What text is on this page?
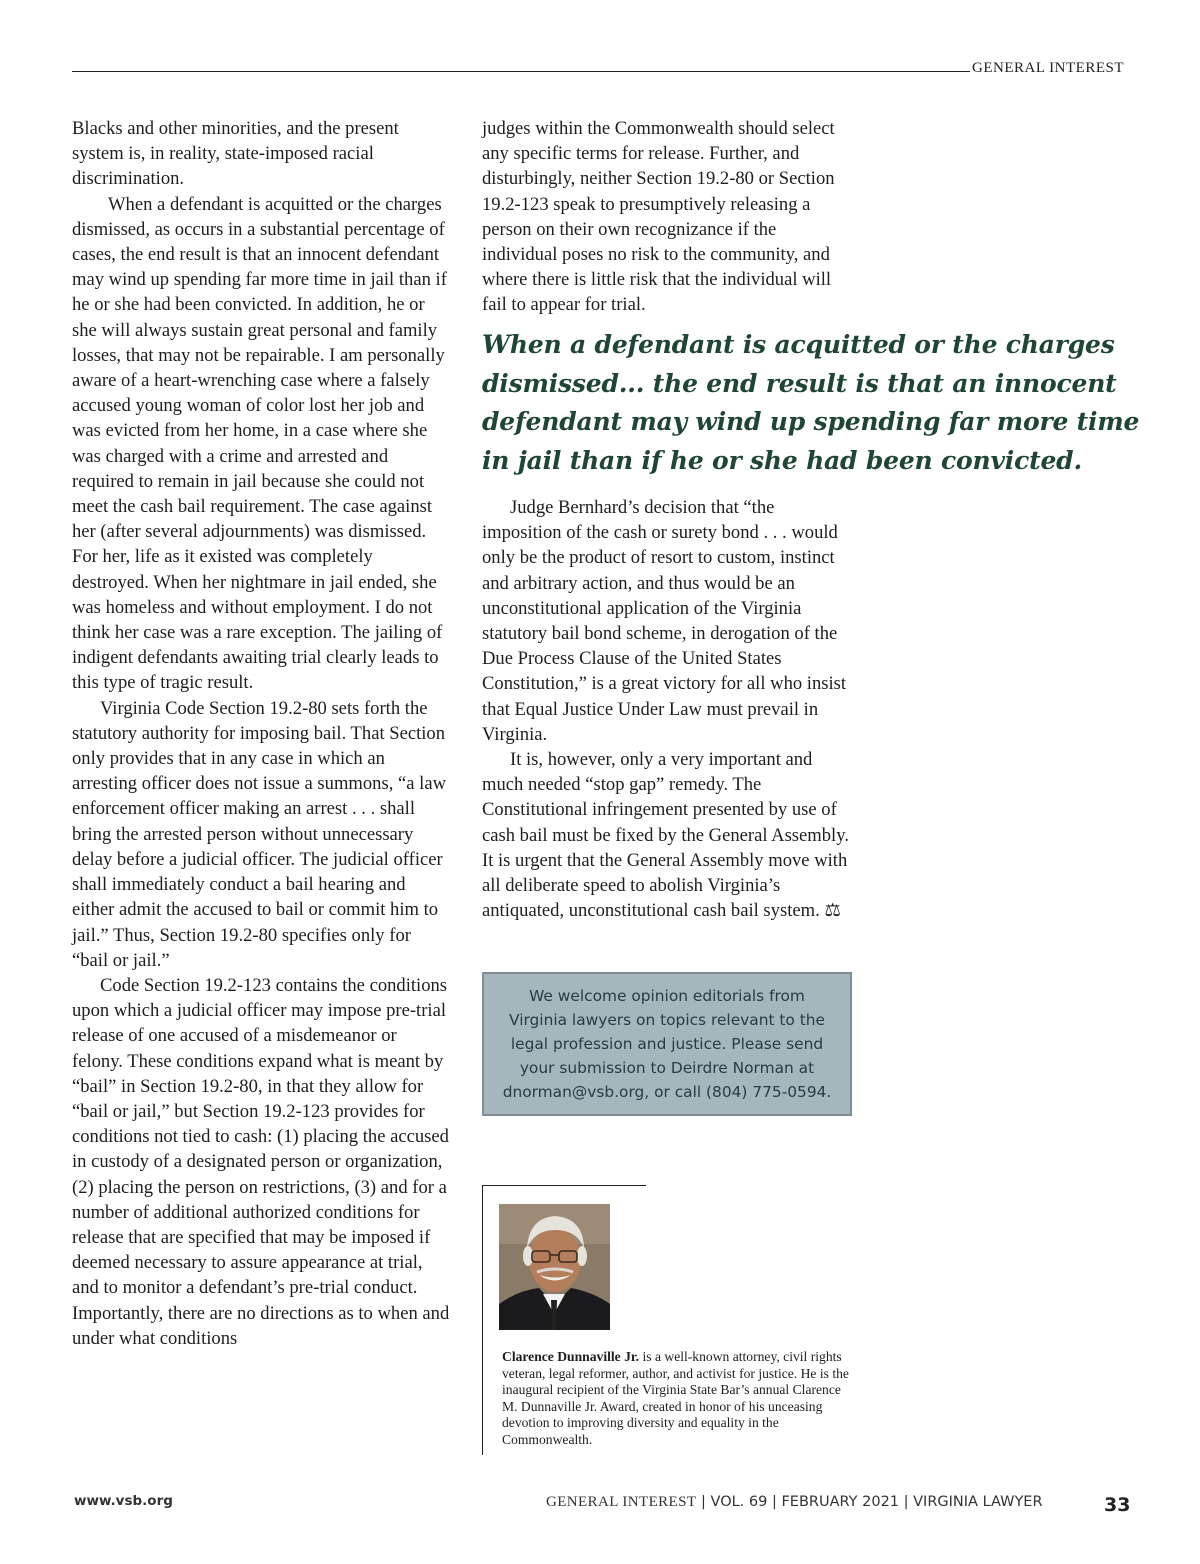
GENERAL INTEREST

Blacks and other minorities, and the present system is, in reality, state-imposed racial discrimination.

When a defendant is acquitted or the charges dismissed, as occurs in a substantial percentage of cases, the end result is that an innocent defendant may wind up spending far more time in jail than if he or she had been convicted. In addition, he or she will always sustain great personal and family losses, that may not be repairable. I am personally aware of a heart-wrenching case where a falsely accused young woman of color lost her job and was evicted from her home, in a case where she was charged with a crime and arrested and required to remain in jail because she could not meet the cash bail requirement. The case against her (after several adjournments) was dismissed. For her, life as it existed was completely destroyed. When her nightmare in jail ended, she was homeless and without employment. I do not think her case was a rare exception. The jailing of indigent defendants awaiting trial clearly leads to this type of tragic result.

Virginia Code Section 19.2-80 sets forth the statutory authority for imposing bail. That Section only provides that in any case in which an arresting officer does not issue a summons, “a law enforcement officer making an arrest . . . shall bring the arrested person without unnecessary delay before a judicial officer. The judicial officer shall immediately conduct a bail hearing and either admit the accused to bail or commit him to jail.” Thus, Section 19.2-80 specifies only for “bail or jail.”

Code Section 19.2-123 contains the conditions upon which a judicial officer may impose pre-trial release of one accused of a misdemeanor or felony. These conditions expand what is meant by “bail” in Section 19.2-80, in that they allow for “bail or jail,” but Section 19.2-123 provides for conditions not tied to cash: (1) placing the accused in custody of a designated person or organization, (2) placing the person on restrictions, (3) and for a number of additional authorized conditions for release that are specified that may be imposed if deemed necessary to assure appearance at trial, and to monitor a defendant’s pre-trial conduct. Importantly, there are no directions as to when and under what conditions

judges within the Commonwealth should select any specific terms for release. Further, and disturbingly, neither Section 19.2-80 or Section 19.2-123 speak to presumptively releasing a person on their own recognizance if the individual poses no risk to the community, and where there is little risk that the individual will fail to appear for trial.

When a defendant is acquitted or the charges dismissed... the end result is that an innocent defendant may wind up spending far more time in jail than if he or she had been convicted.

Judge Bernhard’s decision that “the imposition of the cash or surety bond . . . would only be the product of resort to custom, instinct and arbitrary action, and thus would be an unconstitutional application of the Virginia statutory bail bond scheme, in derogation of the Due Process Clause of the United States Constitution,” is a great victory for all who insist that Equal Justice Under Law must prevail in Virginia.

It is, however, only a very important and much needed “stop gap” remedy. The Constitutional infringement presented by use of cash bail must be fixed by the General Assembly. It is urgent that the General Assembly move with all deliberate speed to abolish Virginia’s antiquated, unconstitutional cash bail system. ⚖

We welcome opinion editorials from Virginia lawyers on topics relevant to the legal profession and justice. Please send your submission to Deirdre Norman at dnorman@vsb.org, or call (804) 775-0594.

Clarence Dunnaville Jr. is a well-known attorney, civil rights veteran, legal reformer, author, and activist for justice. He is the inaugural recipient of the Virginia State Bar’s annual Clarence M. Dunnaville Jr. Award, created in honor of his unceasing devotion to improving diversity and equality in the Commonwealth.
www.vsb.org	GENERAL INTEREST | VOL. 69 | FEBRUARY 2021 | VIRGINIA LAWYER	33
